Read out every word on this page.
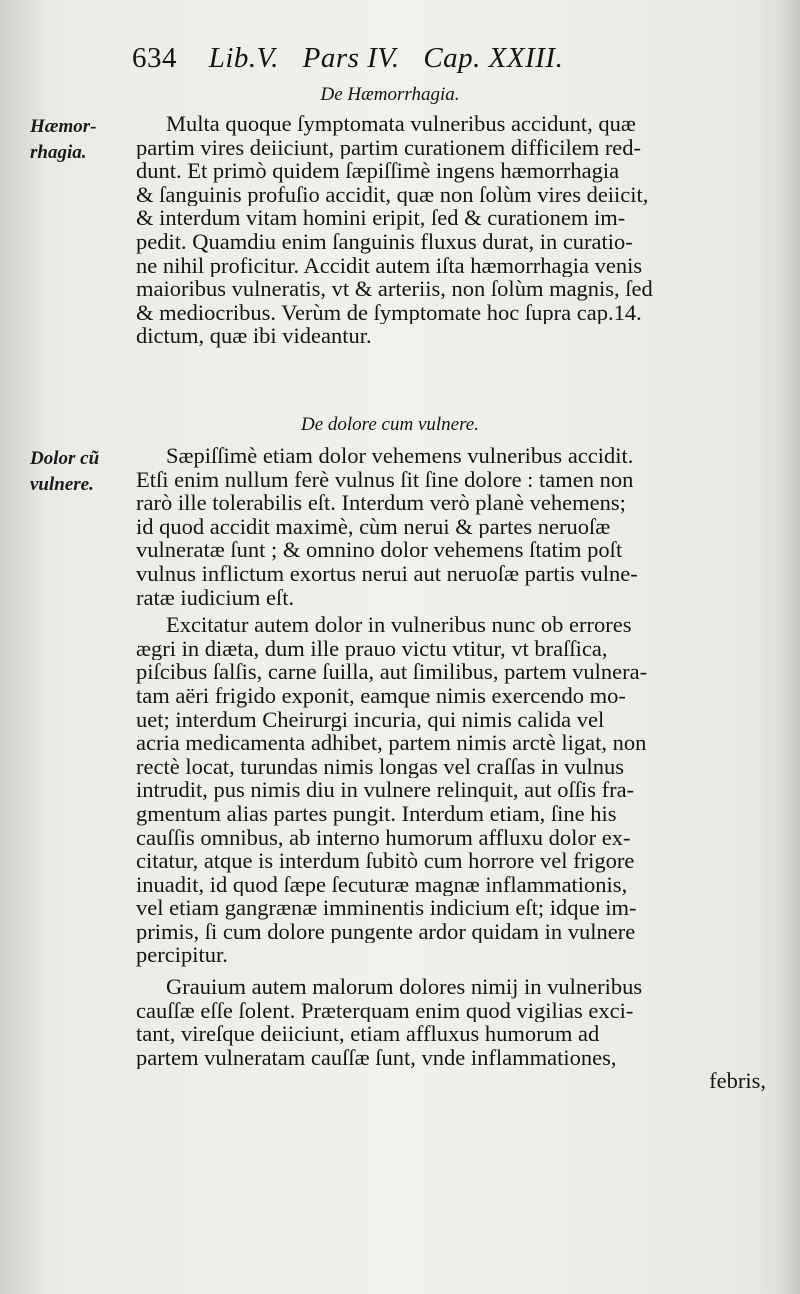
634 Lib.V. Pars IV. Cap. XXIII.
De Hæmorrhagia.
Hæmor-
rhagia.
Multa quoque ſymptomata vulneribus accidunt, quæ
partim vires deiiciunt, partim curationem difficilem red-
dunt. Et primò quidem ſæpiſſimè ingens hæmorrhagia
& ſanguinis profuſio accidit, quæ non ſolùm vires deiicit,
& interdum vitam homini eripit, ſed & curationem im-
pedit. Quamdiu enim ſanguinis fluxus durat, in curatio-
ne nihil proficitur. Accidit autem iſta hæmorrhagia venis
maioribus vulneratis, vt & arteriis, non ſolùm magnis, ſed
& mediocribus. Verùm de ſymptomate hoc ſupra cap.14.
dictum, quæ ibi videantur.
De dolore cum vulnere.
Dolor cũ
vulnere.
Sæpiſſimè etiam dolor vehemens vulneribus accidit.
Etſi enim nullum ferè vulnus ſit ſine dolore : tamen non
rarò ille tolerabilis eſt. Interdum verò planè vehemens;
id quod accidit maximè, cùm nerui & partes neruoſæ
vulneratæ ſunt ; & omnino dolor vehemens ſtatim poſt
vulnus inflictum exortus nerui aut neruoſæ partis vulne-
ratæ iudicium eſt.
Excitatur autem dolor in vulneribus nunc ob errores
ægri in diæta, dum ille prauo victu vtitur, vt braſſica,
piſcibus ſalſis, carne ſuilla, aut ſimilibus, partem vulnera-
tam aëri frigido exponit, eamque nimis exercendo mo-
uet; interdum Cheirurgi incuria, qui nimis calida vel
acria medicamenta adhibet, partem nimis arctè ligat, non
rectè locat, turundas nimis longas vel craſſas in vulnus
intrudit, pus nimis diu in vulnere relinquit, aut oſſis fra-
gmentum alias partes pungit. Interdum etiam, ſine his
cauſſis omnibus, ab interno humorum affluxu dolor ex-
citatur, atque is interdum ſubitò cum horrore vel frigore
inuadit, id quod ſæpe ſecuturæ magnæ inflammationis,
vel etiam gangrænæ imminentis indicium eſt; idque im-
primis, ſi cum dolore pungente ardor quidam in vulnere
percipitur.
Grauium autem malorum dolores nimij in vulneribus
cauſſæ eſſe ſolent. Præterquam enim quod vigilias exci-
tant, vireſque deiiciunt, etiam affluxus humorum ad
partem vulneratam cauſſæ ſunt, vnde inflammationes,
febris,
